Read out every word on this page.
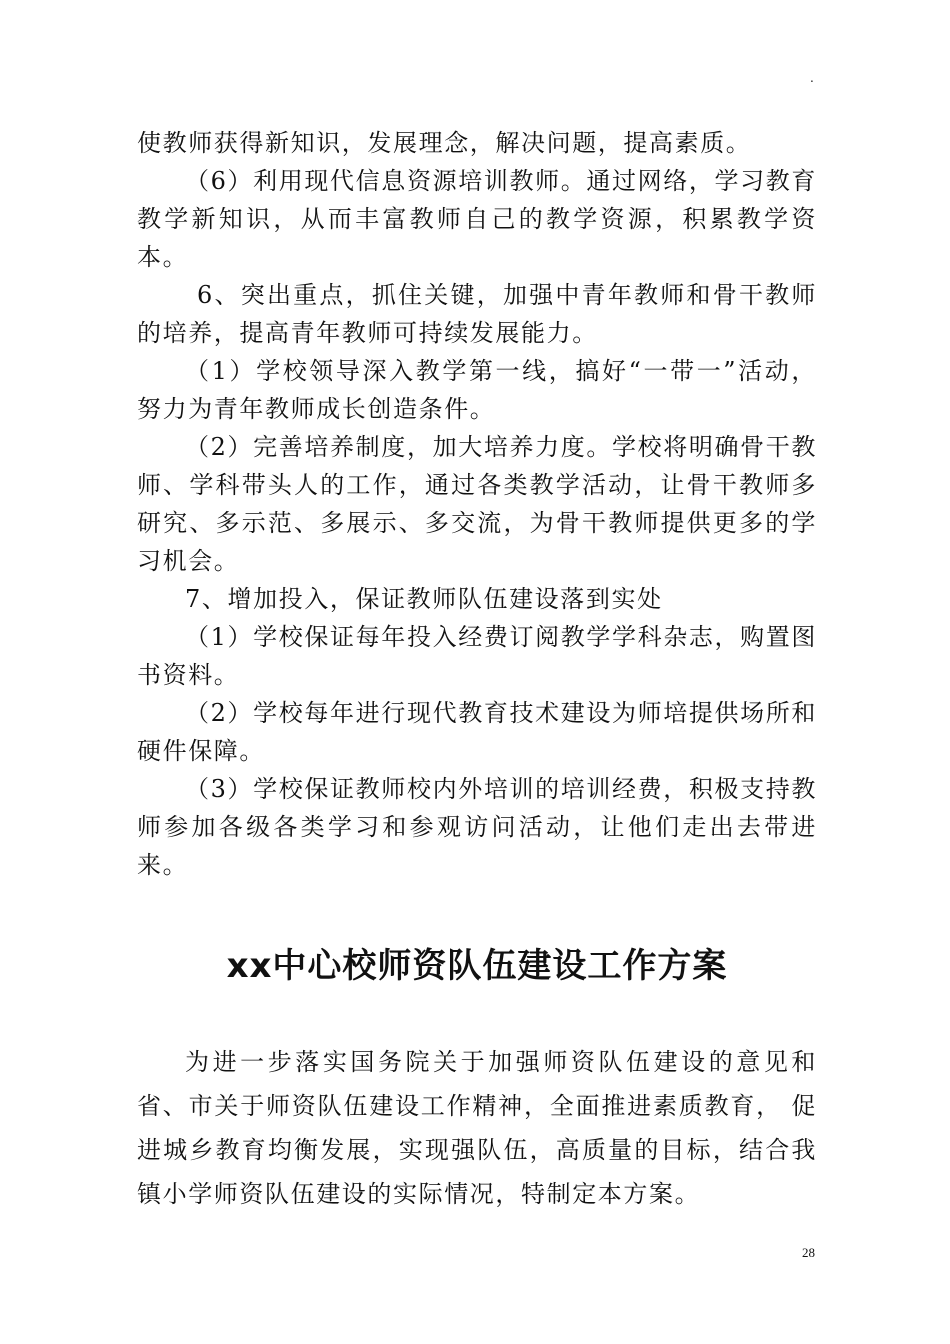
.

使教师获得新知识，发展理念，解决问题，提高素质。

（6）利用现代信息资源培训教师。通过网络，学习教育教学新知识，从而丰富教师自己的教学资源，积累教学资本。

6、突出重点，抓住关键，加强中青年教师和骨干教师的培养，提高青年教师可持续发展能力。

（1）学校领导深入教学第一线，搞好“一带一”活动，努力为青年教师成长创造条件。

（2）完善培养制度，加大培养力度。学校将明确骨干教师、学科带头人的工作，通过各类教学活动，让骨干教师多研究、多示范、多展示、多交流，为骨干教师提供更多的学习机会。

7、增加投入，保证教师队伍建设落到实处

（1）学校保证每年投入经费订阅教学学科杂志，购置图书资料。

（2）学校每年进行现代教育技术建设为师培提供场所和硬件保障。

（3）学校保证教师校内外培训的培训经费，积极支持教师参加各级各类学习和参观访问活动，让他们走出去带进来。

xx中心校师资队伍建设工作方案

为进一步落实国务院关于加强师资队伍建设的意见和省、市关于师资队伍建设工作精神，全面推进素质教育， 促进城乡教育均衡发展，实现强队伍，高质量的目标，结合我镇小学师资队伍建设的实际情况，特制定本方案。

28
